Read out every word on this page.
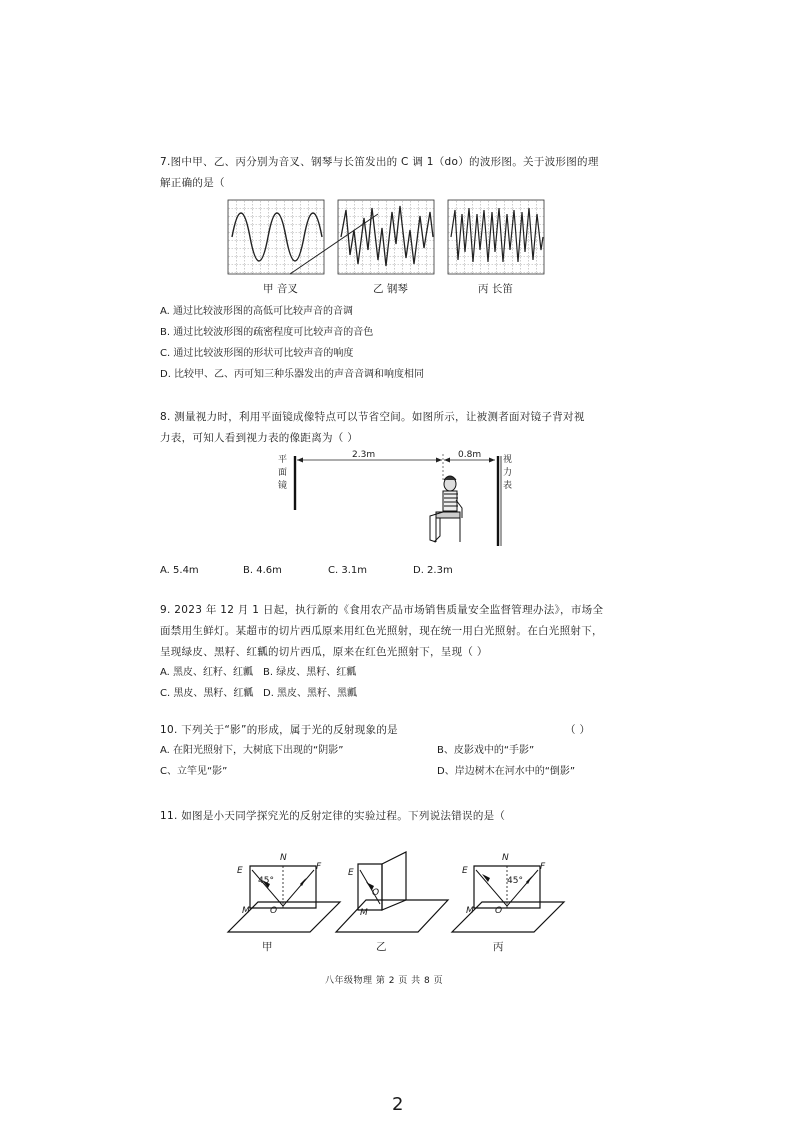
7.图中甲、乙、丙分别为音叉、钢琴与长笛发出的 C 调 1（do）的波形图。关于波形图的理
解正确的是（
甲 音叉	乙 钢琴	丙 长笛
A. 通过比较波形图的高低可比较声音的音调
B. 通过比较波形图的疏密程度可比较声音的音色
C. 通过比较波形图的形状可比较声音的响度
D. 比较甲、乙、丙可知三种乐器发出的声音音调和响度相同
8. 测量视力时，利用平面镜成像特点可以节省空间。如图所示，让被测者面对镜子背对视
力表，可知人看到视力表的像距离为（ ）
平面镜
视力表
2.3m	0.8m
A. 5.4m	B. 4.6m	C. 3.1m	D. 2.3m
9. 2023 年 12 月 1 日起，执行新的《食用农产品市场销售质量安全监督管理办法》，市场全
面禁用生鲜灯。某超市的切片西瓜原来用红色光照射，现在统一用白光照射。在白光照射下，
呈现绿皮、黑籽、红瓤的切片西瓜，原来在红色光照射下，呈现（ ）
A. 黑皮、红籽、红瓤 B. 绿皮、黑籽、红瓤
C. 黑皮、黑籽、红瓤 D. 黑皮、黑籽、黑瓤
10. 下列关于“影”的形成，属于光的反射现象的是	（ ）
A. 在阳光照射下，大树底下出现的“阴影”	B、皮影戏中的“手影”
C、立竿见“影”	D、岸边树木在河水中的“倒影”
11. 如图是小天同学探究光的反射定律的实验过程。下列说法错误的是（
N
E	F
45°
M O
E
O
M
N
E	F
45°
M O
甲	乙	丙
八年级物理 第 2 页 共 8 页
2
